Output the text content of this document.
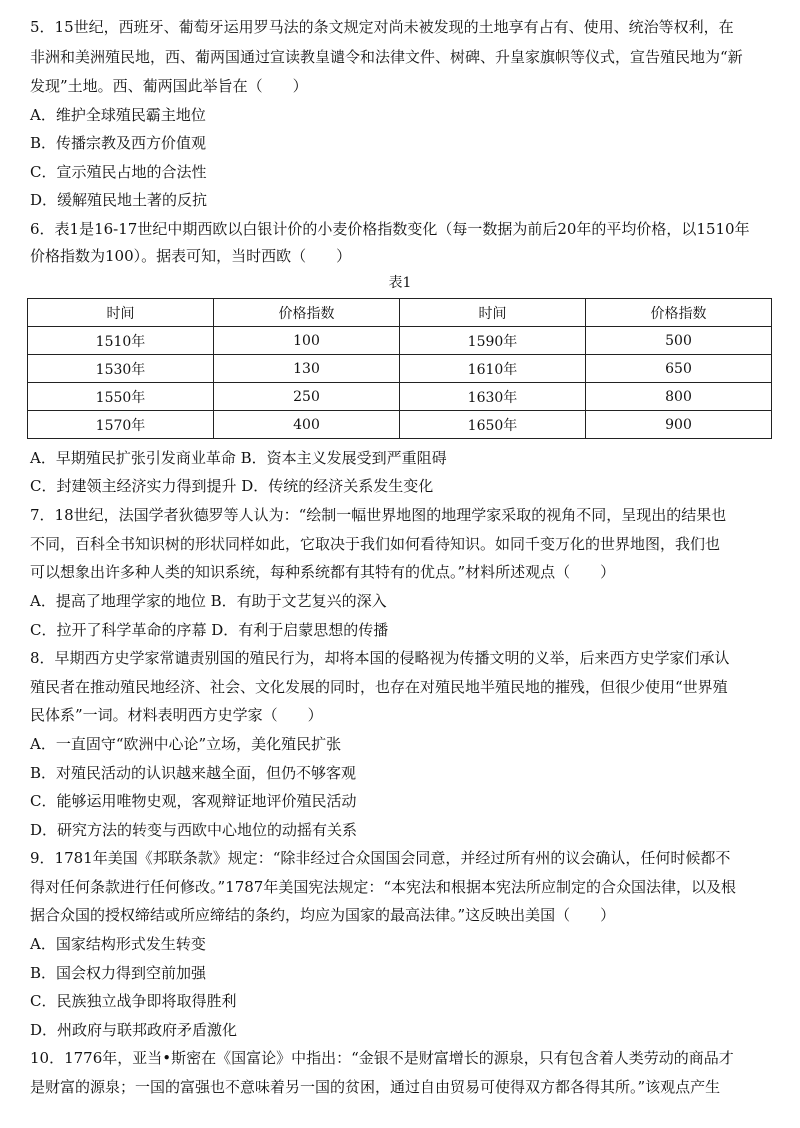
5．15世纪，西班牙、葡萄牙运用罗马法的条文规定对尚未被发现的土地享有占有、使用、统治等权利，在
非洲和美洲殖民地，西、葡两国通过宣读教皇谴令和法律文件、树碑、升皇家旗帜等仪式，宣告殖民地为“新
发现”土地。西、葡两国此举旨在（　　）
A．维护全球殖民霸主地位
B．传播宗教及西方价值观
C．宣示殖民占地的合法性
D．缓解殖民地土著的反抗
6．表1是16-17世纪中期西欧以白银计价的小麦价格指数变化（每一数据为前后20年的平均价格，以1510年
价格指数为100）。据表可知，当时西欧（　　）
表1
时间	价格指数	时间	价格指数
1510年	100	1590年	500
1530年	130	1610年	650
1550年	250	1630年	800
1570年	400	1650年	900
A．早期殖民扩张引发商业革命 B．资本主义发展受到严重阻碍
C．封建领主经济实力得到提升 D．传统的经济关系发生变化
7．18世纪，法国学者狄德罗等人认为：“绘制一幅世界地图的地理学家采取的视角不同，呈现出的结果也
不同，百科全书知识树的形状同样如此，它取决于我们如何看待知识。如同千变万化的世界地图，我们也
可以想象出许多种人类的知识系统，每种系统都有其特有的优点。”材料所述观点（　　）
A．提高了地理学家的地位 B．有助于文艺复兴的深入
C．拉开了科学革命的序幕 D．有利于启蒙思想的传播
8．早期西方史学家常谴责别国的殖民行为，却将本国的侵略视为传播文明的义举，后来西方史学家们承认
殖民者在推动殖民地经济、社会、文化发展的同时，也存在对殖民地半殖民地的摧残，但很少使用“世界殖
民体系”一词。材料表明西方史学家（　　）
A．一直固守“欧洲中心论”立场，美化殖民扩张
B．对殖民活动的认识越来越全面，但仍不够客观
C．能够运用唯物史观，客观辩证地评价殖民活动
D．研究方法的转变与西欧中心地位的动摇有关系
9．1781年美国《邦联条款》规定：“除非经过合众国国会同意，并经过所有州的议会确认，任何时候都不
得对任何条款进行任何修改。”1787年美国宪法规定：“本宪法和根据本宪法所应制定的合众国法律，以及根
据合众国的授权缔结或所应缔结的条约，均应为国家的最高法律。”这反映出美国（　　）
A．国家结构形式发生转变
B．国会权力得到空前加强
C．民族独立战争即将取得胜利
D．州政府与联邦政府矛盾激化
10．1776年，亚当•斯密在《国富论》中指出：“金银不是财富增长的源泉，只有包含着人类劳动的商品才
是财富的源泉；一国的富强也不意味着另一国的贫困，通过自由贸易可使得双方都各得其所。”该观点产生
